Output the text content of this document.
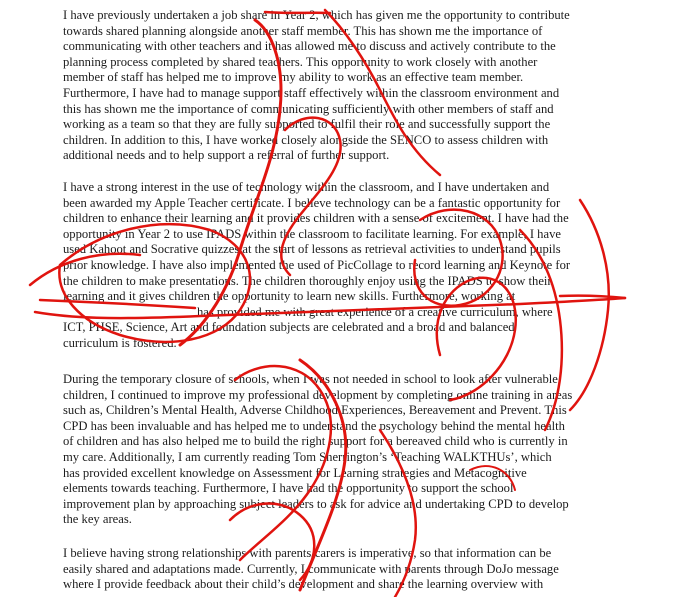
I have previously undertaken a job share in Year 2, which has given me the opportunity to contribute
towards shared planning alongside another staff member. This has shown me the importance of
communicating with other teachers and it has allowed me to discuss and actively contribute to the
planning process completed by shared teachers. This opportunity to work closely with another
member of staff has helped me to improve my ability to work as an effective team member.
Furthermore, I have had to manage support staff effectively within the classroom environment and
this has shown me the importance of communicating sufficiently with other members of staff and
working as a team so that they are fully supported to fulfil their role and successfully support the
children. In addition to this, I have worked closely alongside the SENCO to assess children with
additional needs and to help support a referral of further support.
I have a strong interest in the use of technology within the classroom, and I have undertaken and
been awarded my Apple Teacher certificate. I believe technology can be a fantastic opportunity for
children to enhance their learning and it provides children with a sense of excitement. I have had the
opportunity in Year 2 to use IPADS within the classroom to facilitate learning. For example, I have
used Kahoot and Socrative quizzes at the start of lessons as retrieval activities to understand pupils
prior knowledge. I have also implemented the used of PicCollage to record learning and Keynote for
the children to make presentations. The children thoroughly enjoy using the IPADS to show their
learning and it gives children the opportunity to learn new skills. Furthermore, working at
has provided me with great experience of a creative curriculum, where
ICT, PHSE, Science, Art and foundation subjects are celebrated and a broad and balanced
curriculum is fostered.
During the temporary closure of schools, when I was not needed in school to look after vulnerable
children, I continued to improve my professional development by completing online training in areas
such as, Children’s Mental Health, Adverse Childhood Experiences, Bereavement and Prevent. This
CPD has been invaluable and has helped me to understand the psychology behind the mental health
of children and has also helped me to build the right support for a bereaved child who is currently in
my care. Additionally, I am currently reading Tom Sherrington’s ‘Teaching WALKTHUs’, which
has provided excellent knowledge on Assessment for Learning strategies and Metacognitive
elements towards teaching. Furthermore, I have had the opportunity to support the school
improvement plan by approaching subject leaders to ask for advice and undertaking CPD to develop
the key areas.
I believe having strong relationships with parents/carers is imperative, so that information can be
easily shared and adaptations made. Currently, I communicate with parents through DoJo message
where I provide feedback about their child’s development and share the learning overview with
